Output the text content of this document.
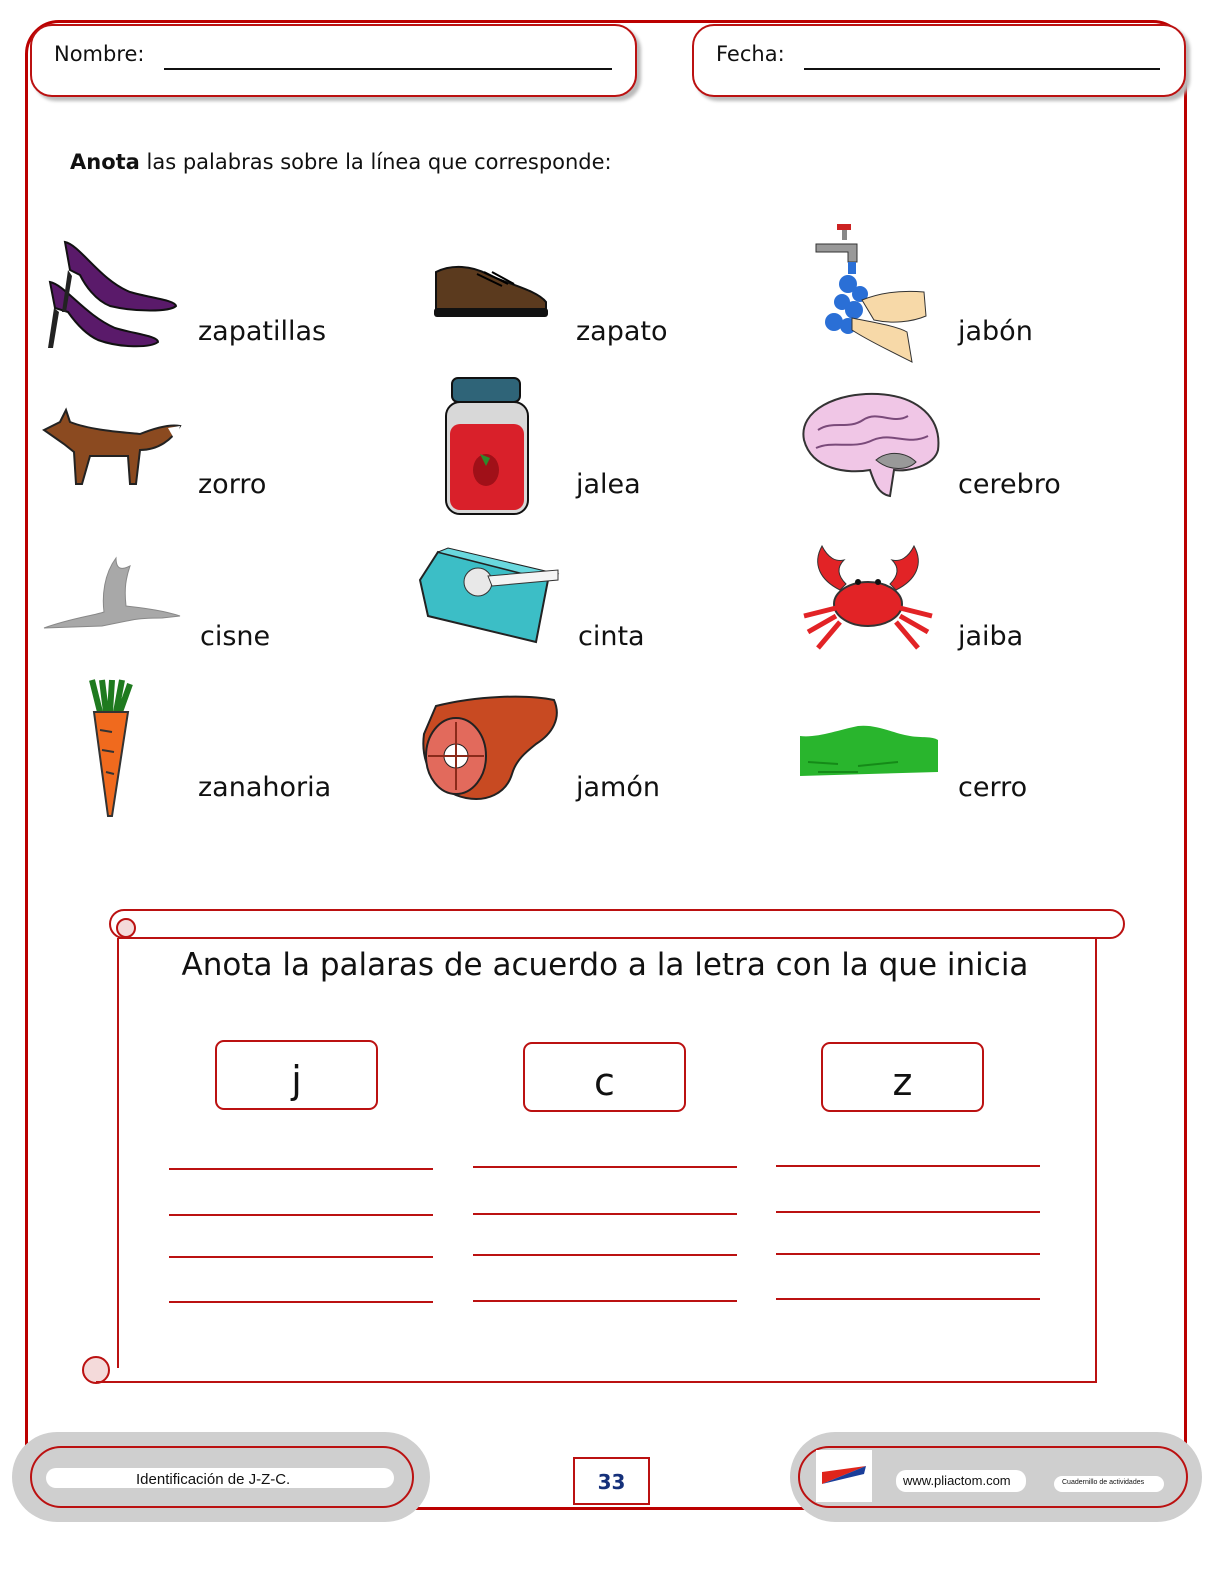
Nombre:	Fecha:
Anota las palabras sobre la línea que corresponde:
zapatillas	zapato	jabón
zorro	jalea	cerebro
cisne	cinta	jaiba
zanahoria	jamón	cerro
Anota la palaras de acuerdo a la letra con la que inicia
j	c	z
Identificación de J-Z-C.	33	www.pliactom.com	Cuadernillo de actividades
